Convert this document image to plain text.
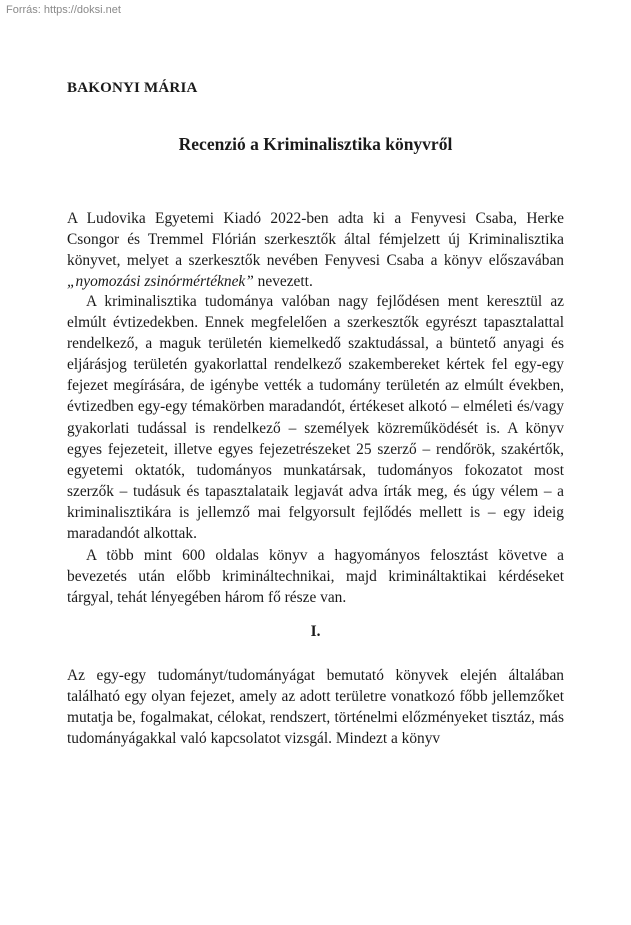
Forrás: https://doksi.net
BAKONYI MÁRIA
Recenzió a Kriminalisztika könyvről
A Ludovika Egyetemi Kiadó 2022-ben adta ki a Fenyvesi Csaba, Herke Csongor és Tremmel Flórián szerkesztők által fémjelzett új Kriminalisztika könyvet, melyet a szerkesztők nevében Fenyvesi Csaba a könyv előszavában „nyomozási zsinórmértéknek” nevezett.
A kriminalisztika tudománya valóban nagy fejlődésen ment keresztül az elmúlt évtizedekben. Ennek megfelelően a szerkesztők egyrészt tapasztalattal rendelkező, a maguk területén kiemelkedő szaktudással, a büntető anyagi és eljárásjog területén gyakorlattal rendelkező szakembereket kértek fel egy-egy fejezet megírására, de igénybe vették a tudomány területén az elmúlt években, évtizedben egy-egy témakörben maradandót, értékeset alkotó – elméleti és/vagy gyakorlati tudással is rendelkező – személyek közreműködését is. A könyv egyes fejezeteit, illetve egyes fejezetrészeket 25 szerző – rendőrök, szakértők, egyetemi oktatók, tudományos munkatársak, tudományos fokozatot most szerzők – tudásuk és tapasztalataik legjavát adva írták meg, és úgy vélem – a kriminalisztikára is jellemző mai felgyorsult fejlődés mellett is – egy ideig maradandót alkottak.
A több mint 600 oldalas könyv a hagyományos felosztást követve a bevezetés után előbb krimináltechnikai, majd krimináltaktikai kérdéseket tárgyal, tehát lényegében három fő része van.
I.
Az egy-egy tudományt/tudományágat bemutató könyvek elején általában található egy olyan fejezet, amely az adott területre vonatkozó főbb jellemzőket mutatja be, fogalmakat, célokat, rendszert, történelmi előzményeket tisztáz, más tudományágakkal való kapcsolatot vizsgál. Mindezt a könyv
